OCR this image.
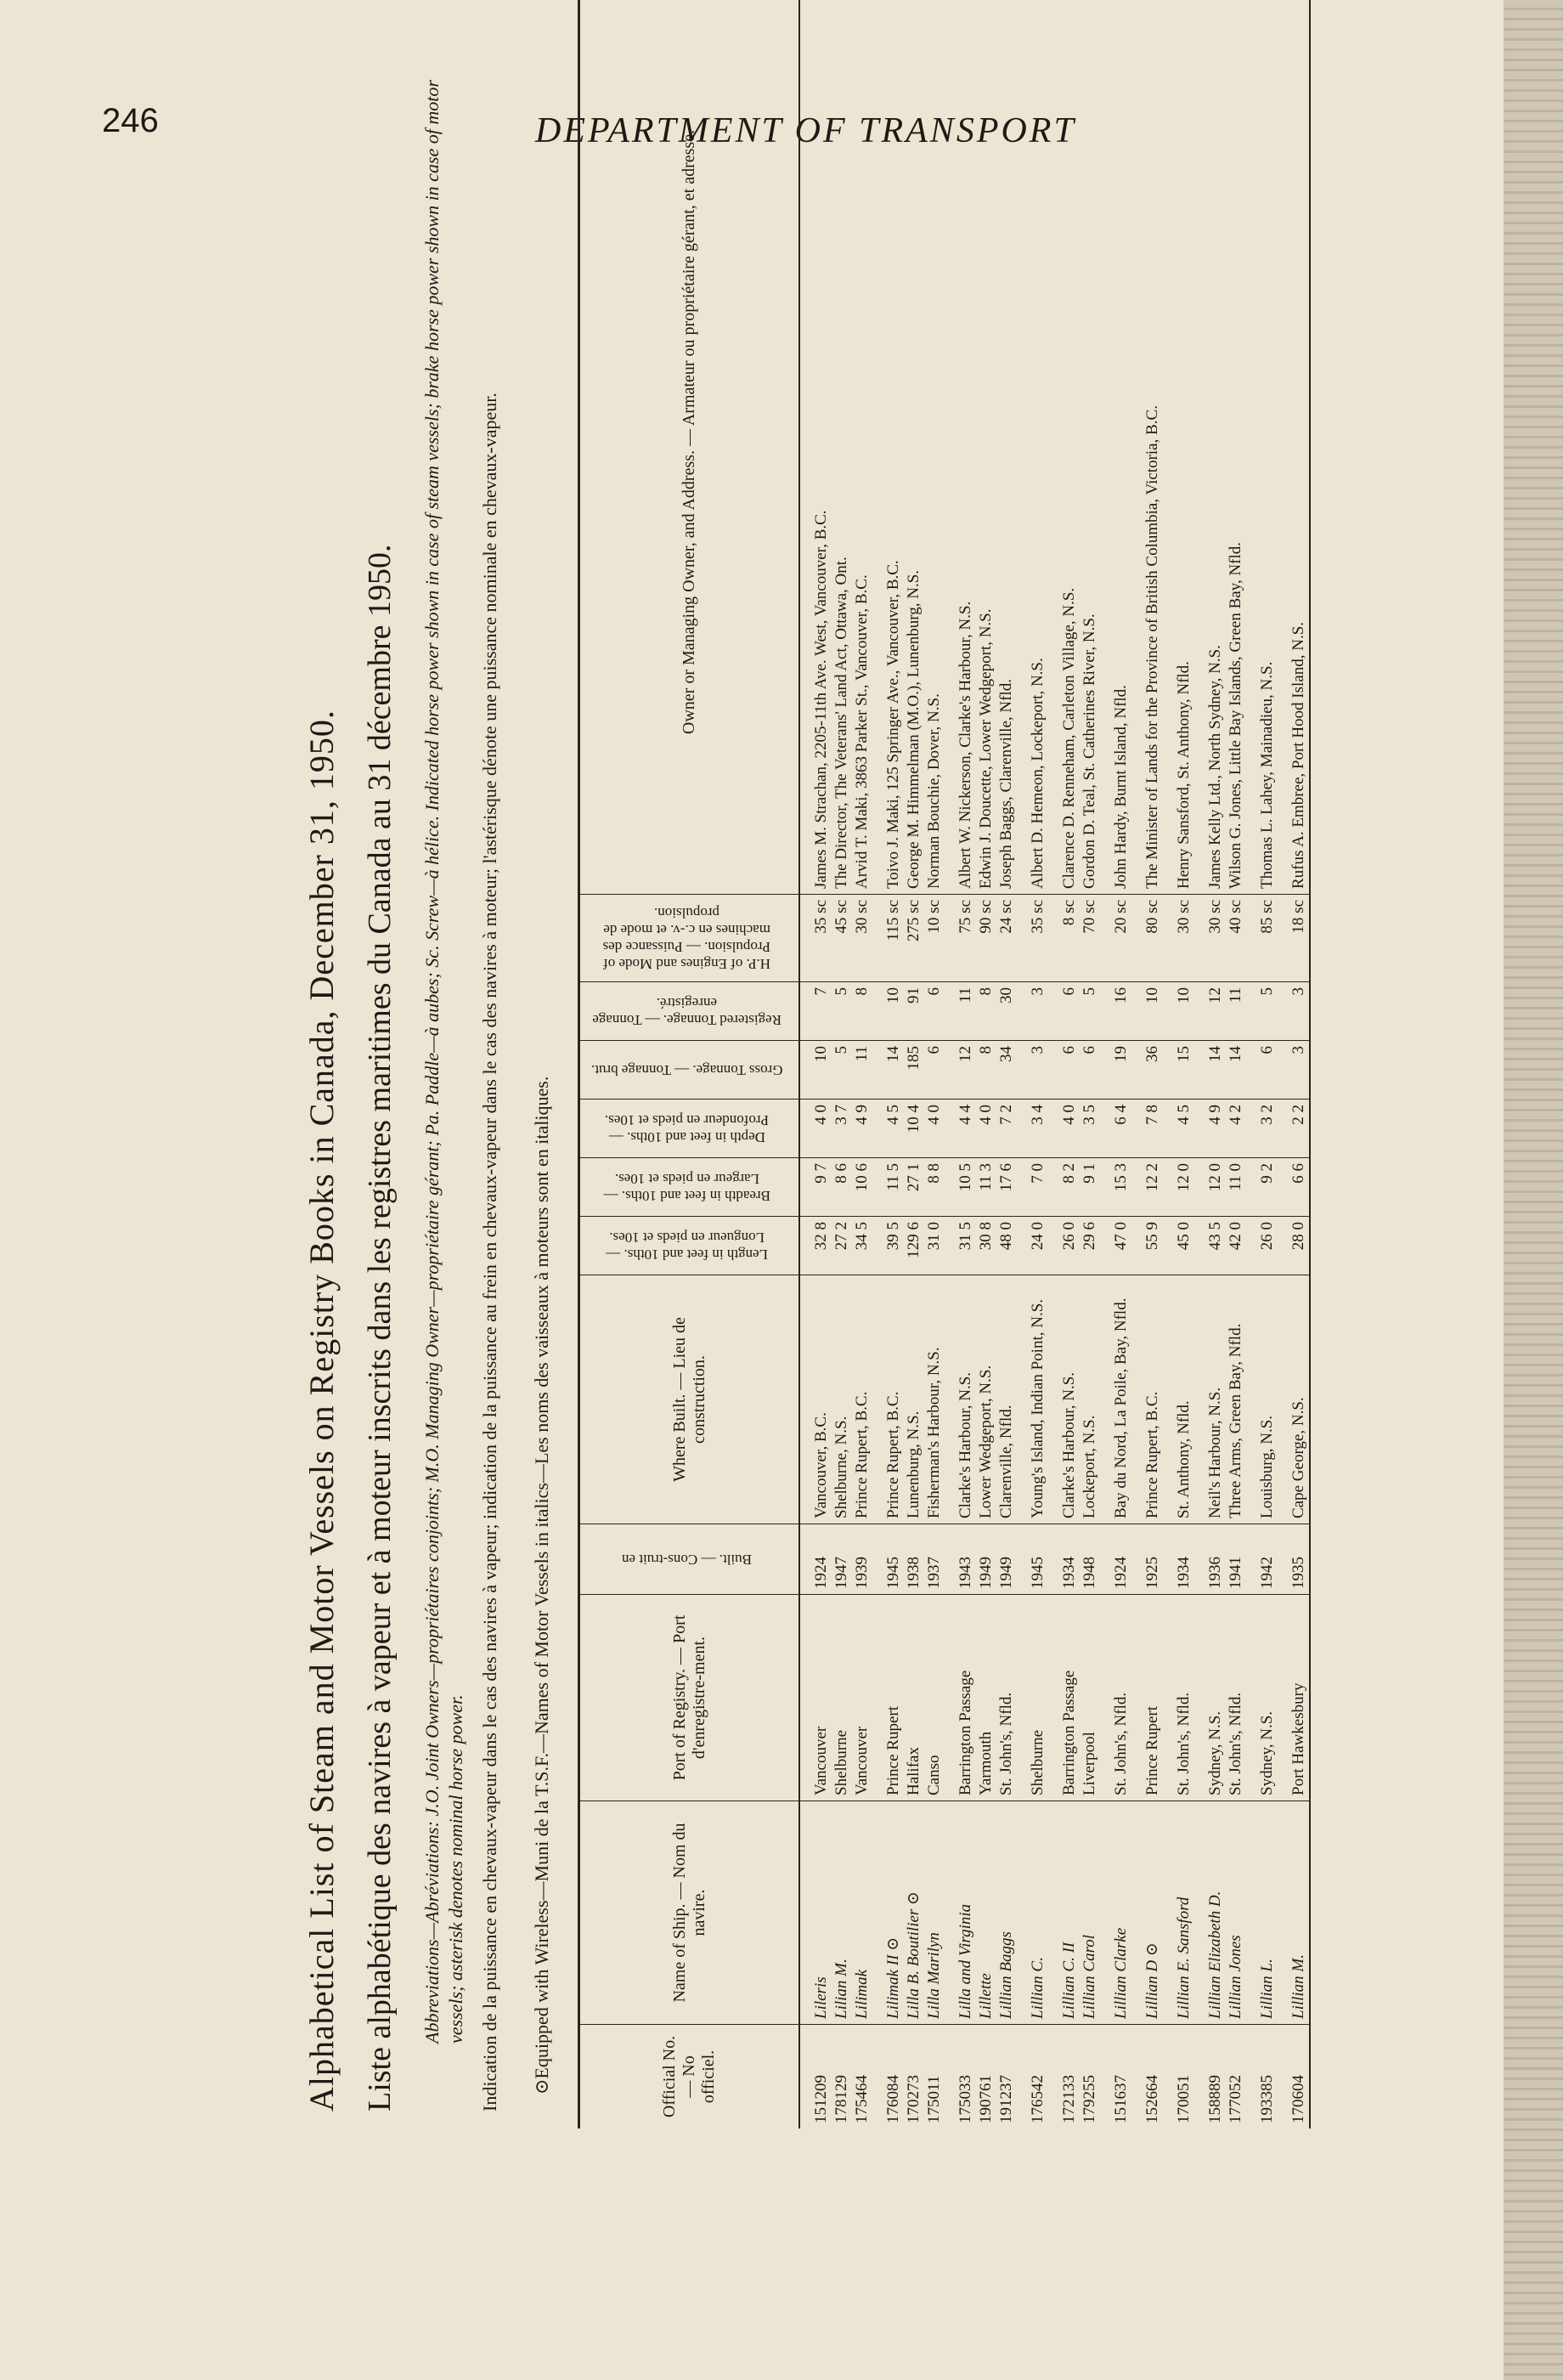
246	DEPARTMENT OF TRANSPORT
Alphabetical List of Steam and Motor Vessels on Registry Books in Canada, December 31, 1950. Liste alphabétique des navires à vapeur et à moteur inscrits dans les registres maritimes du Canada au 31 décembre 1950. Abbreviations—Abréviations: J.O. Joint Owners—propriétaires conjoints; M.O. Managing Owner—propriétaire gérant; Pa. Paddle—à aubes; Sc. Screw—à hélice. Indicated horse power shown in case of steam vessels; brake horse power shown in case of motor vessels; asterisk denotes nominal horse power. Indication de la puissance en chevaux-vapeur dans le cas des navires à vapeur; indication de la puissance au frein en chevaux-vapeur dans le cas des navires à moteur; l'astérisque dénote une puissance nominale en chevaux-vapeur. ⊙Equipped with Wireless—Muni de la T.S.F.—Names of Motor Vessels in italics—Les noms des vaisseaux à moteurs sont en italiques.	Official No. — No officiel.	Name of Ship. — Nom du navire.	Port of Registry. — Port d'enregistre-ment.	Built. — Cons-truit en	Where Built. — Lieu de construction.	Length in feet and 10ths. — Longueur en pieds et 10es.	Breadth in feet and 10ths. — Largeur en pieds et 10es.	Depth in feet and 10ths. — Profondeur en pieds et 10es.	Gross Tonnage. — Tonnage brut.	Registered Tonnage. — Tonnage enregistré.	H.P. of Engines and Mode of Propulsion. — Puissance des machines en c.-v. et mode de propulsion.	Owner or Managing Owner, and Address. — Armateur ou propriétaire gérant, et adresse.
151209	Lileris	Vancouver	1924	Vancouver, B.C.	32 8	9 7	4 0	10	7	35 sc	James M. Strachan, 2205-11th Ave. West, Vancouver, B.C.
178129	Lilian M.	Shelburne	1947	Shelburne, N.S.	27 2	8 6	3 7	5	5	45 sc	The Director, The Veterans' Land Act, Ottawa, Ont.
175464	Lilimak	Vancouver	1939	Prince Rupert, B.C.	34 5	10 6	4 9	11	8	30 sc	Arvid T. Maki, 3863 Parker St., Vancouver, B.C.
176084	Lilimak II ⊙	Prince Rupert	1945	Prince Rupert, B.C.	39 5	11 5	4 5	14	10	115 sc	Toivo J. Maki, 125 Springer Ave., Vancouver, B.C.
170273	Lilla B. Boutilier ⊙	Halifax	1938	Lunenburg, N.S.	129 6	27 1	10 4	185	91	275 sc	George M. Himmelman (M.O.), Lunenburg, N.S.
175011	Lilla Marilyn	Canso	1937	Fisherman's Harbour, N.S.	31 0	8 8	4 0	6	6	10 sc	Norman Bouchie, Dover, N.S.
175033	Lilla and Virginia	Barrington Passage	1943	Clarke's Harbour, N.S.	31 5	10 5	4 4	12	11	75 sc	Albert W. Nickerson, Clarke's Harbour, N.S.
190761	Lillette	Yarmouth	1949	Lower Wedgeport, N.S.	30 8	11 3	4 0	8	8	90 sc	Edwin J. Doucette, Lower Wedgeport, N.S.
191237	Lillian Baggs	St. John's, Nfld.	1949	Clarenville, Nfld.	48 0	17 6	7 2	34	30	24 sc	Joseph Baggs, Clarenville, Nfld.
176542	Lillian C.	Shelburne	1945	Young's Island, Indian Point, N.S.	24 0	7 0	3 4	3	3	35 sc	Albert D. Hemeon, Lockeport, N.S.
172133	Lillian C. II	Barrington Passage	1934	Clarke's Harbour, N.S.	26 0	8 2	4 0	6	6	8 sc	Clarence D. Renneham, Carleton Village, N.S.
179255	Lillian Carol	Liverpool	1948	Lockeport, N.S.	29 6	9 1	3 5	6	5	70 sc	Gordon D. Teal, St. Catherines River, N.S.
151637	Lillian Clarke	St. John's, Nfld.	1924	Bay du Nord, La Poile, Bay, Nfld.	47 0	15 3	6 4	19	16	20 sc	John Hardy, Burnt Island, Nfld.
152664	Lillian D ⊙	Prince Rupert	1925	Prince Rupert, B.C.	55 9	12 2	7 8	36	10	80 sc	The Minister of Lands for the Province of British Columbia, Victoria, B.C.
170051	Lillian E. Sansford	St. John's, Nfld.	1934	St. Anthony, Nfld.	45 0	12 0	4 5	15	10	30 sc	Henry Sansford, St. Anthony, Nfld.
158889	Lillian Elizabeth D.	Sydney, N.S.	1936	Neil's Harbour, N.S.	43 5	12 0	4 9	14	12	30 sc	James Kelly Ltd., North Sydney, N.S.
177052	Lillian Jones	St. John's, Nfld.	1941	Three Arms, Green Bay, Nfld.	42 0	11 0	4 2	14	11	40 sc	Wilson G. Jones, Little Bay Islands, Green Bay, Nfld.
193385	Lillian L.	Sydney, N.S.	1942	Louisburg, N.S.	26 0	9 2	3 2	6	5	85 sc	Thomas L. Lahey, Mainadieu, N.S.
170604	Lillian M.	Port Hawkesbury	1935	Cape George, N.S.	28 0	6 6	2 2	3	3	18 sc	Rufus A. Embree, Port Hood Island, N.S.
